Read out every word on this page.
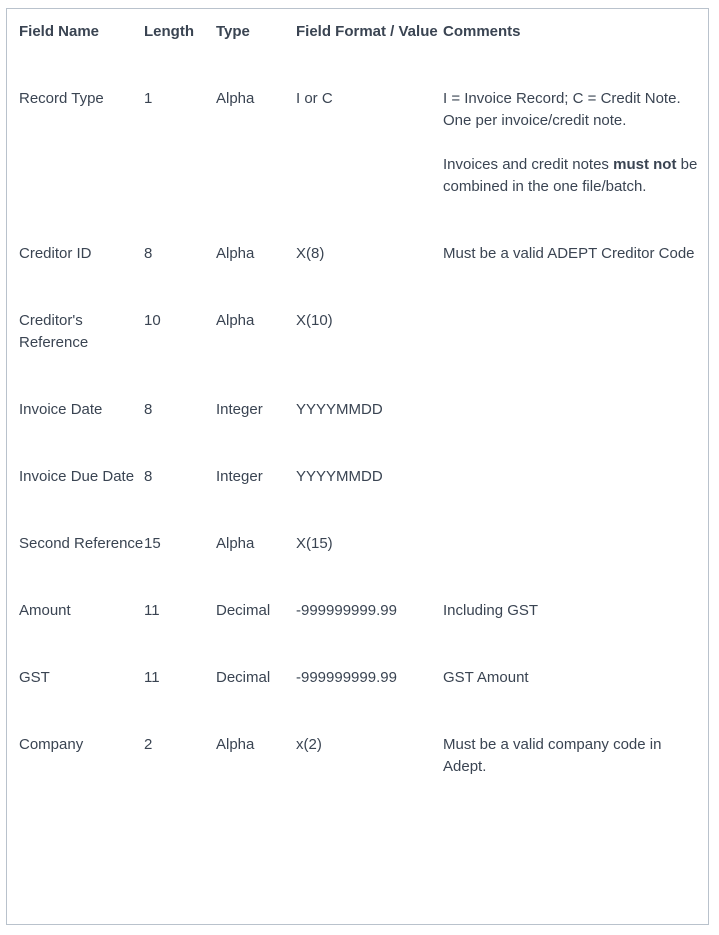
Field Name	Length	Type	Field Format / Value	Comments
Record Type	1	Alpha	I or C	I = Invoice Record; C = Credit Note. One per invoice/credit note.

Invoices and credit notes must not be combined in the one file/batch.

Creditor ID	8	Alpha	X(8)	Must be a valid ADEPT Creditor Code
Creditor's Reference	10	Alpha	X(10)	
Invoice Date	8	Integer	YYYYMMDD	
Invoice Due Date	8	Integer	YYYYMMDD	
Second Reference	15	Alpha	X(15)	
Amount	11	Decimal	-999999999.99	Including GST
GST	11	Decimal	-999999999.99	GST Amount
Company	2	Alpha	x(2)	Must be a valid company code in Adept.
